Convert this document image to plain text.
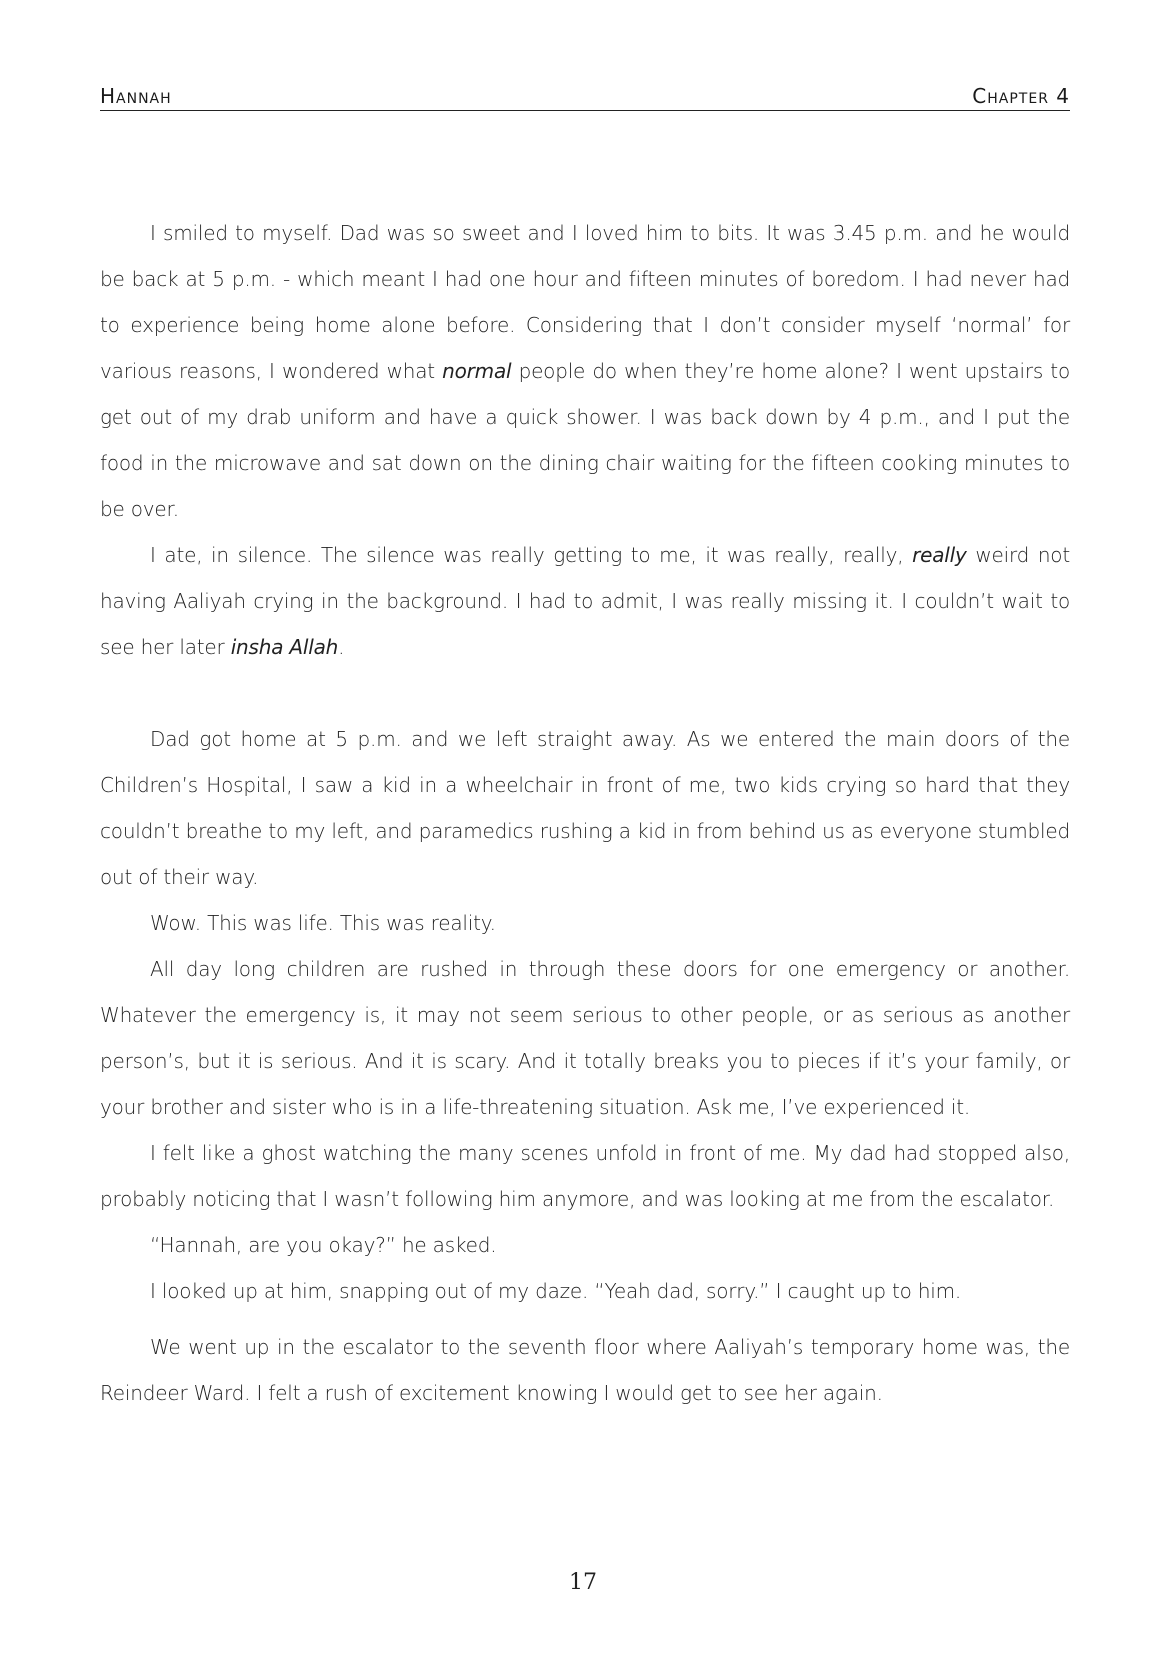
Hannah	Chapter 4

I smiled to myself. Dad was so sweet and I loved him to bits. It was 3.45 p.m. and he would be back at 5 p.m. - which meant I had one hour and fifteen minutes of boredom. I had never had to experience being home alone before. Considering that I don’t consider myself ‘normal’ for various reasons, I wondered what normal people do when they’re home alone? I went upstairs to get out of my drab uniform and have a quick shower. I was back down by 4 p.m., and I put the food in the microwave and sat down on the dining chair waiting for the fifteen cooking minutes to be over.

I ate, in silence. The silence was really getting to me, it was really, really, really weird not having Aaliyah crying in the background. I had to admit, I was really missing it. I couldn’t wait to see her later insha Allah.

Dad got home at 5 p.m. and we left straight away. As we entered the main doors of the Children’s Hospital, I saw a kid in a wheelchair in front of me, two kids crying so hard that they couldn’t breathe to my left, and paramedics rushing a kid in from behind us as everyone stumbled out of their way.

Wow. This was life. This was reality.

All day long children are rushed in through these doors for one emergency or another. Whatever the emergency is, it may not seem serious to other people, or as serious as another person’s, but it is serious. And it is scary. And it totally breaks you to pieces if it’s your family, or your brother and sister who is in a life-threatening situation. Ask me, I’ve experienced it.

I felt like a ghost watching the many scenes unfold in front of me. My dad had stopped also, probably noticing that I wasn’t following him anymore, and was looking at me from the escalator.

“Hannah, are you okay?” he asked.

I looked up at him, snapping out of my daze. “Yeah dad, sorry.” I caught up to him.

We went up in the escalator to the seventh floor where Aaliyah’s temporary home was, the Reindeer Ward. I felt a rush of excitement knowing I would get to see her again.

17
